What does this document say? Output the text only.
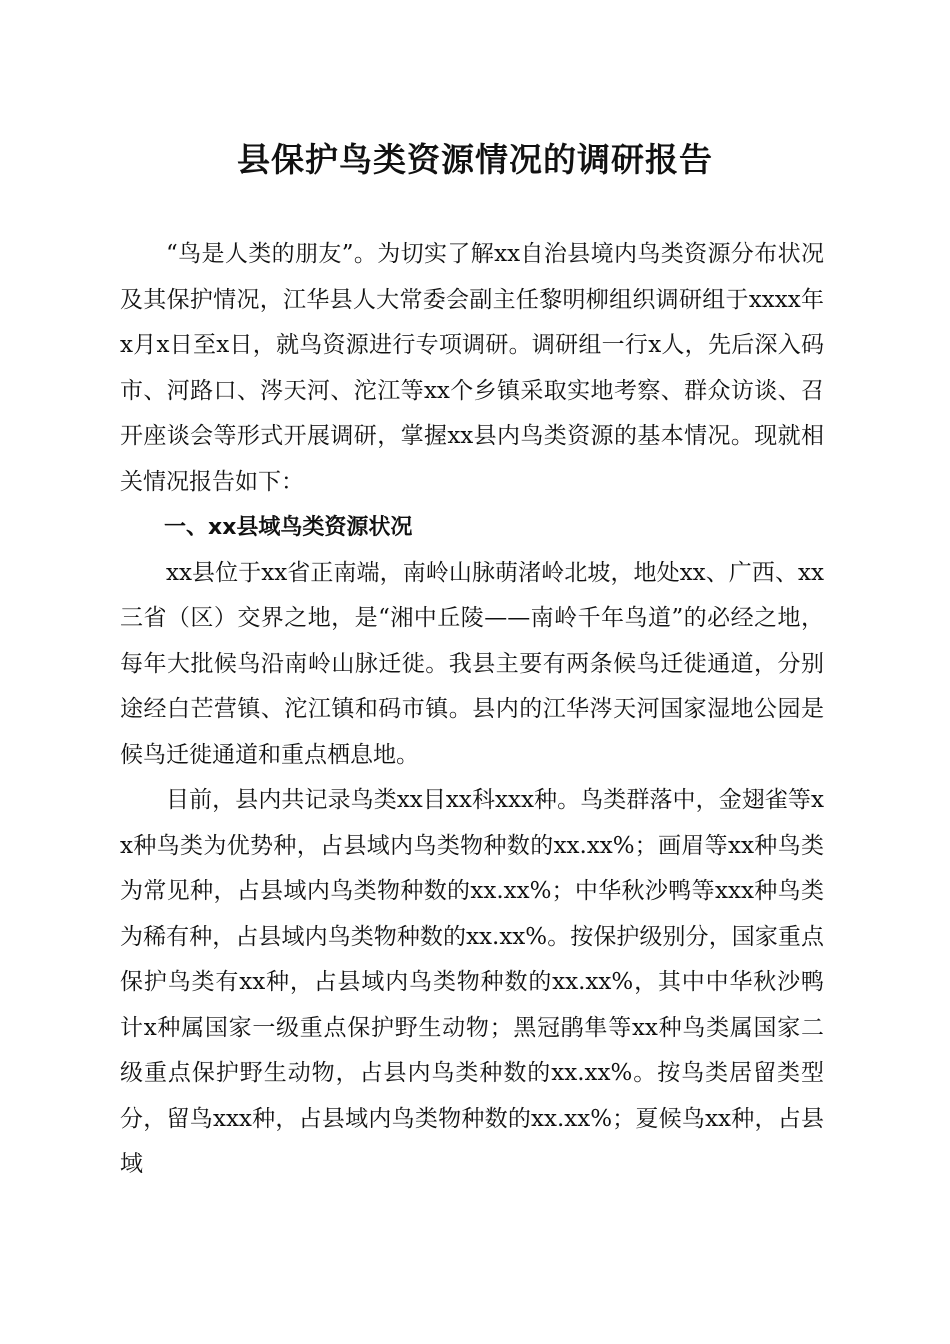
县保护鸟类资源情况的调研报告

“鸟是人类的朋友”。为切实了解xx自治县境内鸟类资源分布状况及其保护情况，江华县人大常委会副主任黎明柳组织调研组于xxxx年x月x日至x日，就鸟资源进行专项调研。调研组一行x人，先后深入码市、河路口、涔天河、沱江等xx个乡镇采取实地考察、群众访谈、召开座谈会等形式开展调研，掌握xx县内鸟类资源的基本情况。现就相关情况报告如下：

一、xx县域鸟类资源状况

xx县位于xx省正南端，南岭山脉萌渚岭北坡，地处xx、广西、xx三省（区）交界之地，是“湘中丘陵——南岭千年鸟道”的必经之地，每年大批候鸟沿南岭山脉迁徙。我县主要有两条候鸟迁徙通道，分别途经白芒营镇、沱江镇和码市镇。县内的江华涔天河国家湿地公园是候鸟迁徙通道和重点栖息地。

目前，县内共记录鸟类xx目xx科xxx种。鸟类群落中，金翅雀等xx种鸟类为优势种，占县域内鸟类物种数的xx.xx%；画眉等xx种鸟类为常见种，占县域内鸟类物种数的xx.xx%；中华秋沙鸭等xxx种鸟类为稀有种，占县域内鸟类物种数的xx.xx%。按保护级别分，国家重点保护鸟类有xx种，占县域内鸟类物种数的xx.xx%，其中中华秋沙鸭计x种属国家一级重点保护野生动物；黑冠鹃隼等xx种鸟类属国家二级重点保护野生动物，占县内鸟类种数的xx.xx%。按鸟类居留类型分，留鸟xxx种，占县域内鸟类物种数的xx.xx%；夏候鸟xx种，占县域
